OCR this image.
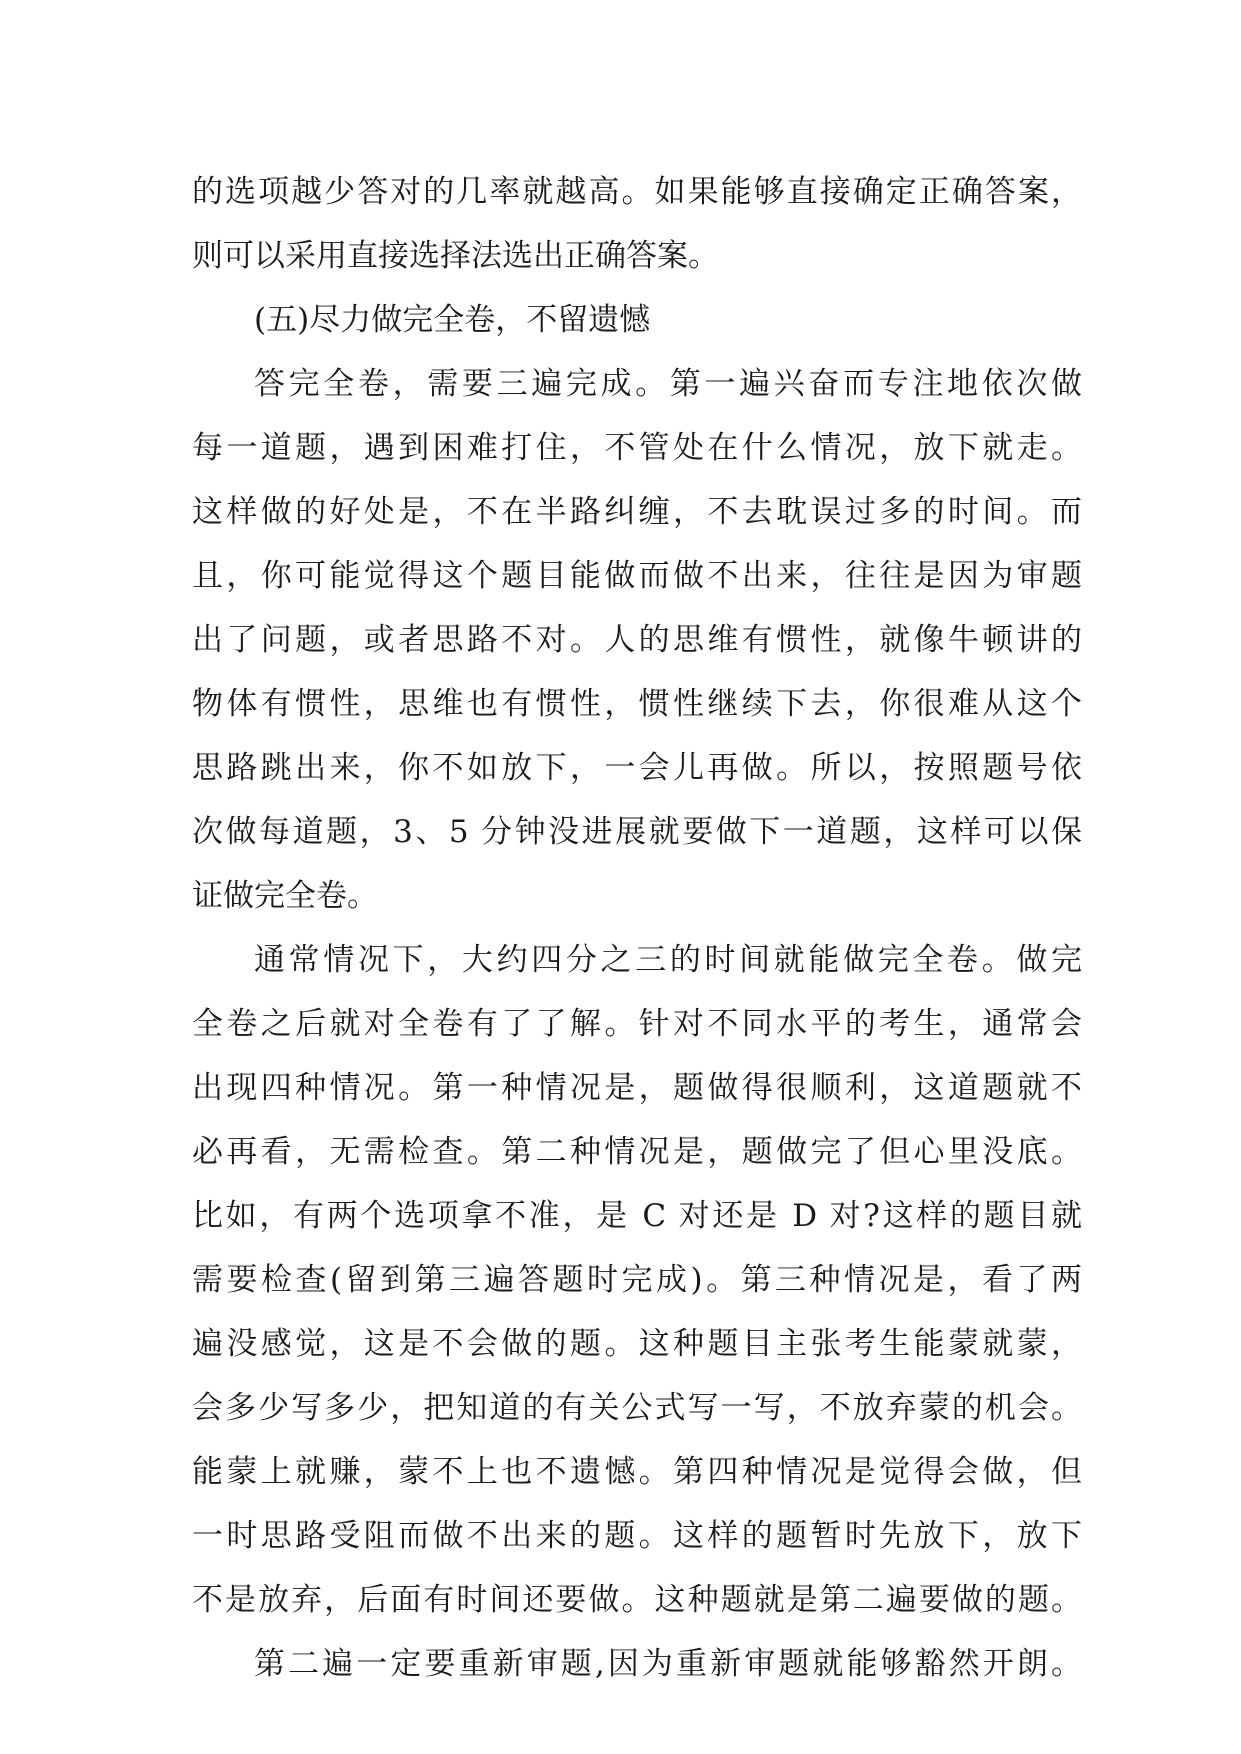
的选项越少答对的几率就越高。如果能够直接确定正确答案，
则可以采用直接选择法选出正确答案。
(五)尽力做完全卷，不留遗憾
答完全卷，需要三遍完成。第一遍兴奋而专注地依次做
每一道题，遇到困难打住，不管处在什么情况，放下就走。
这样做的好处是，不在半路纠缠，不去耽误过多的时间。而
且，你可能觉得这个题目能做而做不出来，往往是因为审题
出了问题，或者思路不对。人的思维有惯性，就像牛顿讲的
物体有惯性，思维也有惯性，惯性继续下去，你很难从这个
思路跳出来，你不如放下，一会儿再做。所以，按照题号依
次做每道题，3、5 分钟没进展就要做下一道题，这样可以保
证做完全卷。
通常情况下，大约四分之三的时间就能做完全卷。做完
全卷之后就对全卷有了了解。针对不同水平的考生，通常会
出现四种情况。第一种情况是，题做得很顺利，这道题就不
必再看，无需检查。第二种情况是，题做完了但心里没底。
比如，有两个选项拿不准，是 C 对还是 D 对?这样的题目就
需要检查(留到第三遍答题时完成)。第三种情况是，看了两
遍没感觉，这是不会做的题。这种题目主张考生能蒙就蒙，
会多少写多少，把知道的有关公式写一写，不放弃蒙的机会。
能蒙上就赚，蒙不上也不遗憾。第四种情况是觉得会做，但
一时思路受阻而做不出来的题。这样的题暂时先放下，放下
不是放弃，后面有时间还要做。这种题就是第二遍要做的题。
第二遍一定要重新审题,因为重新审题就能够豁然开朗。
